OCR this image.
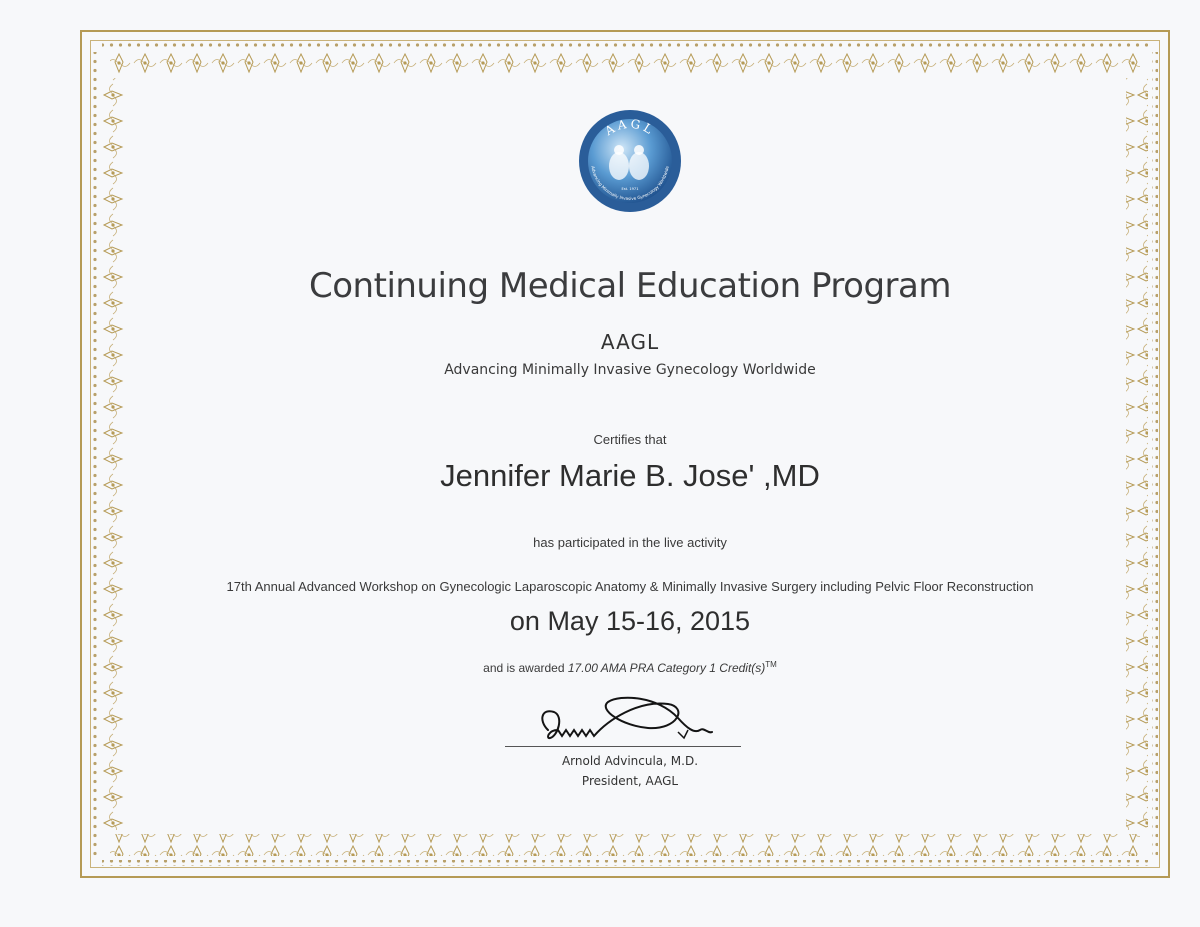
AAGL
Advancing Minimally Invasive Gynecology Worldwide
Est. 1971
Continuing Medical Education Program
AAGL
Advancing Minimally Invasive Gynecology Worldwide
Certifies that
Jennifer Marie B. Jose' ,MD
has participated in the live activity
17th Annual Advanced Workshop on Gynecologic Laparoscopic Anatomy & Minimally Invasive Surgery including Pelvic Floor Reconstruction
on May 15-16, 2015
and is awarded 17.00 AMA PRA Category 1 Credit(s)™
Arnold Advincula, M.D.
President, AAGL
